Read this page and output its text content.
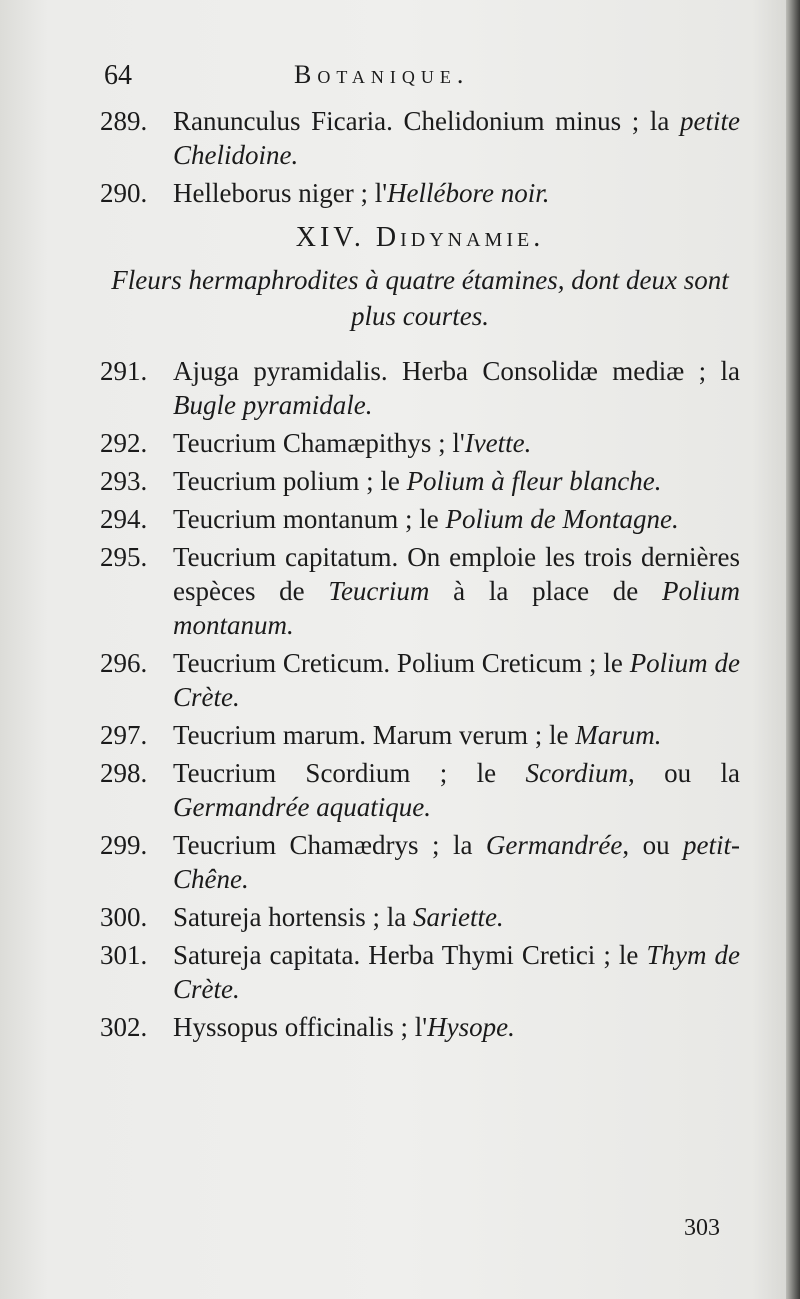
64	Botanique.
289. Ranunculus Ficaria. Chelidonium minus ; la petite Chelidoine.
290. Helleborus niger ; l'Hellébore noir.
XIV. Didynamie.
Fleurs hermaphrodites à quatre étamines, dont deux sont plus courtes.
291. Ajuga pyramidalis. Herba Consolidæ mediæ ; la Bugle pyramidale.
292. Teucrium Chamæpithys ; l'Ivette.
293. Teucrium polium ; le Polium à fleur blanche.
294. Teucrium montanum ; le Polium de Montagne.
295. Teucrium capitatum. On emploie les trois dernières espèces de Teucrium à la place de Polium montanum.
296. Teucrium Creticum. Polium Creticum ; le Polium de Crète.
297. Teucrium marum. Marum verum ; le Marum.
298. Teucrium Scordium ; le Scordium, ou la Germandrée aquatique.
299. Teucrium Chamædrys ; la Germandrée, ou petit-Chêne.
300. Satureja hortensis ; la Sariette.
301. Satureja capitata. Herba Thymi Cretici ; le Thym de Crète.
302. Hyssopus officinalis ; l'Hysope.
303
